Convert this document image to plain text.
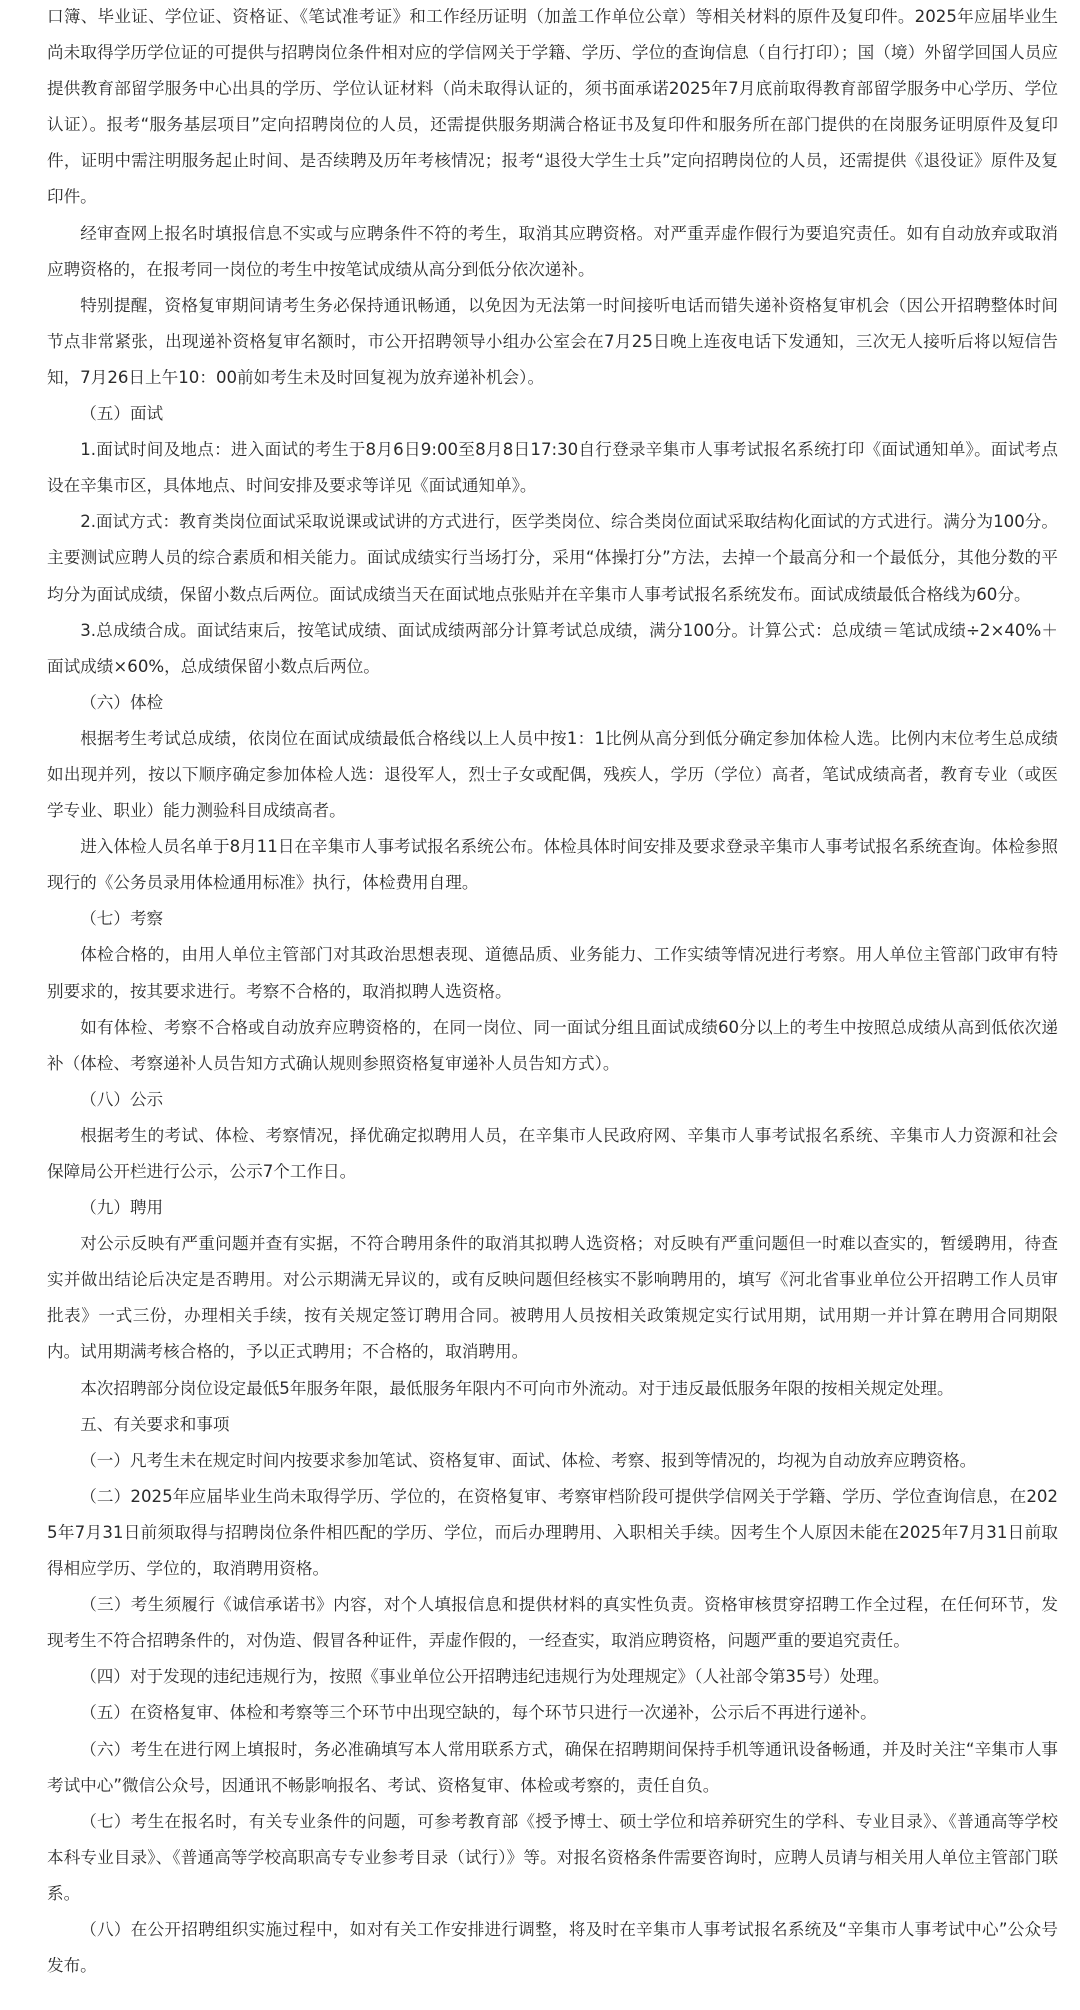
口簿、毕业证、学位证、资格证、《笔试准考证》和工作经历证明（加盖工作单位公章）等相关材料的原件及复印件。2025年应届毕业生尚未取得学历学位证的可提供与招聘岗位条件相对应的学信网关于学籍、学历、学位的查询信息（自行打印）；国（境）外留学回国人员应提供教育部留学服务中心出具的学历、学位认证材料（尚未取得认证的，须书面承诺2025年7月底前取得教育部留学服务中心学历、学位认证）。报考“服务基层项目”定向招聘岗位的人员，还需提供服务期满合格证书及复印件和服务所在部门提供的在岗服务证明原件及复印件，证明中需注明服务起止时间、是否续聘及历年考核情况；报考“退役大学生士兵”定向招聘岗位的人员，还需提供《退役证》原件及复印件。

经审查网上报名时填报信息不实或与应聘条件不符的考生，取消其应聘资格。对严重弄虚作假行为要追究责任。如有自动放弃或取消应聘资格的，在报考同一岗位的考生中按笔试成绩从高分到低分依次递补。

特别提醒，资格复审期间请考生务必保持通讯畅通，以免因为无法第一时间接听电话而错失递补资格复审机会（因公开招聘整体时间节点非常紧张，出现递补资格复审名额时，市公开招聘领导小组办公室会在7月25日晚上连夜电话下发通知，三次无人接听后将以短信告知，7月26日上午10：00前如考生未及时回复视为放弃递补机会）。

（五）面试

1.面试时间及地点：进入面试的考生于8月6日9:00至8月8日17:30自行登录辛集市人事考试报名系统打印《面试通知单》。面试考点设在辛集市区，具体地点、时间安排及要求等详见《面试通知单》。

2.面试方式：教育类岗位面试采取说课或试讲的方式进行，医学类岗位、综合类岗位面试采取结构化面试的方式进行。满分为100分。主要测试应聘人员的综合素质和相关能力。面试成绩实行当场打分，采用“体操打分”方法，去掉一个最高分和一个最低分，其他分数的平均分为面试成绩，保留小数点后两位。面试成绩当天在面试地点张贴并在辛集市人事考试报名系统发布。面试成绩最低合格线为60分。

3.总成绩合成。面试结束后，按笔试成绩、面试成绩两部分计算考试总成绩，满分100分。计算公式：总成绩＝笔试成绩÷2×40%＋面试成绩×60%，总成绩保留小数点后两位。

（六）体检

根据考生考试总成绩，依岗位在面试成绩最低合格线以上人员中按1：1比例从高分到低分确定参加体检人选。比例内末位考生总成绩如出现并列，按以下顺序确定参加体检人选：退役军人，烈士子女或配偶，残疾人，学历（学位）高者，笔试成绩高者，教育专业（或医学专业、职业）能力测验科目成绩高者。

进入体检人员名单于8月11日在辛集市人事考试报名系统公布。体检具体时间安排及要求登录辛集市人事考试报名系统查询。体检参照现行的《公务员录用体检通用标准》执行，体检费用自理。

（七）考察

体检合格的，由用人单位主管部门对其政治思想表现、道德品质、业务能力、工作实绩等情况进行考察。用人单位主管部门政审有特别要求的，按其要求进行。考察不合格的，取消拟聘人选资格。

如有体检、考察不合格或自动放弃应聘资格的，在同一岗位、同一面试分组且面试成绩60分以上的考生中按照总成绩从高到低依次递补（体检、考察递补人员告知方式确认规则参照资格复审递补人员告知方式）。

（八）公示

根据考生的考试、体检、考察情况，择优确定拟聘用人员，在辛集市人民政府网、辛集市人事考试报名系统、辛集市人力资源和社会保障局公开栏进行公示，公示7个工作日。

（九）聘用

对公示反映有严重问题并查有实据，不符合聘用条件的取消其拟聘人选资格；对反映有严重问题但一时难以查实的，暂缓聘用，待查实并做出结论后决定是否聘用。对公示期满无异议的，或有反映问题但经核实不影响聘用的，填写《河北省事业单位公开招聘工作人员审批表》一式三份，办理相关手续，按有关规定签订聘用合同。被聘用人员按相关政策规定实行试用期，试用期一并计算在聘用合同期限内。试用期满考核合格的，予以正式聘用；不合格的，取消聘用。

本次招聘部分岗位设定最低5年服务年限，最低服务年限内不可向市外流动。对于违反最低服务年限的按相关规定处理。

五、有关要求和事项

（一）凡考生未在规定时间内按要求参加笔试、资格复审、面试、体检、考察、报到等情况的，均视为自动放弃应聘资格。

（二）2025年应届毕业生尚未取得学历、学位的，在资格复审、考察审档阶段可提供学信网关于学籍、学历、学位查询信息，在2025年7月31日前须取得与招聘岗位条件相匹配的学历、学位，而后办理聘用、入职相关手续。因考生个人原因未能在2025年7月31日前取得相应学历、学位的，取消聘用资格。

（三）考生须履行《诚信承诺书》内容，对个人填报信息和提供材料的真实性负责。资格审核贯穿招聘工作全过程，在任何环节，发现考生不符合招聘条件的，对伪造、假冒各种证件，弄虚作假的，一经查实，取消应聘资格，问题严重的要追究责任。

（四）对于发现的违纪违规行为，按照《事业单位公开招聘违纪违规行为处理规定》（人社部令第35号）处理。

（五）在资格复审、体检和考察等三个环节中出现空缺的，每个环节只进行一次递补，公示后不再进行递补。

（六）考生在进行网上填报时，务必准确填写本人常用联系方式，确保在招聘期间保持手机等通讯设备畅通，并及时关注“辛集市人事考试中心”微信公众号，因通讯不畅影响报名、考试、资格复审、体检或考察的，责任自负。

（七）考生在报名时，有关专业条件的问题，可参考教育部《授予博士、硕士学位和培养研究生的学科、专业目录》、《普通高等学校本科专业目录》、《普通高等学校高职高专专业参考目录（试行）》等。对报名资格条件需要咨询时，应聘人员请与相关用人单位主管部门联系。

（八）在公开招聘组织实施过程中，如对有关工作安排进行调整，将及时在辛集市人事考试报名系统及“辛集市人事考试中心”公众号发布。
